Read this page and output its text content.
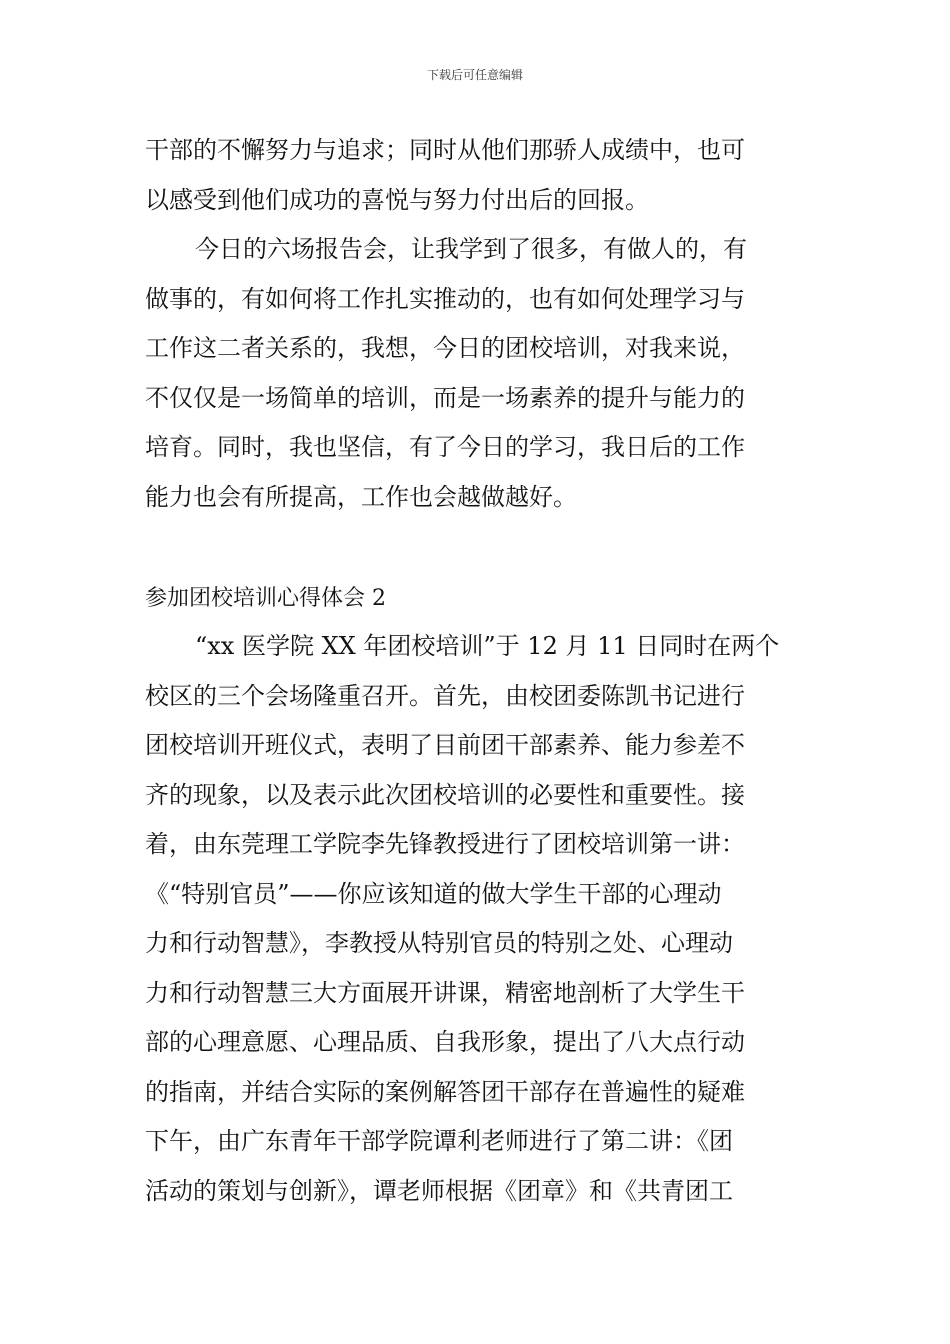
下载后可任意编辑
干部的不懈努力与追求；同时从他们那骄人成绩中，也可
以感受到他们成功的喜悦与努力付出后的回报。
今日的六场报告会，让我学到了很多，有做人的，有
做事的，有如何将工作扎实推动的，也有如何处理学习与
工作这二者关系的，我想，今日的团校培训，对我来说，
不仅仅是一场简单的培训，而是一场素养的提升与能力的
培育。同时，我也坚信，有了今日的学习，我日后的工作
能力也会有所提高，工作也会越做越好。
参加团校培训心得体会 2
“xx 医学院 XX 年团校培训”于 12 月 11 日同时在两个
校区的三个会场隆重召开。首先，由校团委陈凯书记进行
团校培训开班仪式，表明了目前团干部素养、能力参差不
齐的现象，以及表示此次团校培训的必要性和重要性。接
着，由东莞理工学院李先锋教授进行了团校培训第一讲：
《“特别官员”——你应该知道的做大学生干部的心理动
力和行动智慧》，李教授从特别官员的特别之处、心理动
力和行动智慧三大方面展开讲课，精密地剖析了大学生干
部的心理意愿、心理品质、自我形象，提出了八大点行动
的指南，并结合实际的案例解答团干部存在普遍性的疑难
下午，由广东青年干部学院谭利老师进行了第二讲：《团
活动的策划与创新》，谭老师根据《团章》和《共青团工
